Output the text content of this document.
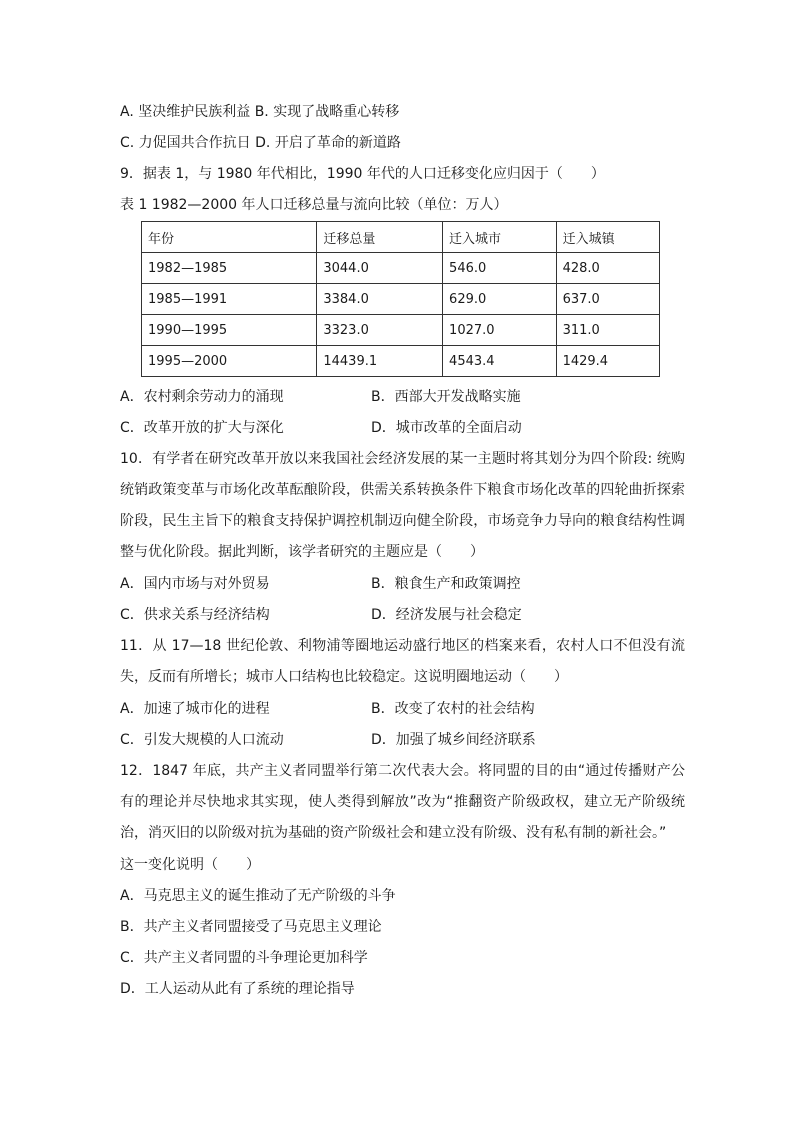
A. 坚决维护民族利益 B. 实现了战略重心转移
C. 力促国共合作抗日 D. 开启了革命的新道路
9．据表 1，与 1980 年代相比，1990 年代的人口迁移变化应归因于（　　）
表 1 1982—2000 年人口迁移总量与流向比较（单位：万人）
年份	迁移总量	迁入城市	迁入城镇
1982—1985	3044.0	546.0	428.0
1985—1991	3384.0	629.0	637.0
1990—1995	3323.0	1027.0	311.0
1995—2000	14439.1	4543.4	1429.4
A．农村剩余劳动力的涌现	B．西部大开发战略实施
C．改革开放的扩大与深化	D．城市改革的全面启动
10．有学者在研究改革开放以来我国社会经济发展的某一主题时将其划分为四个阶段: 统购统销政策变革与市场化改革酝酿阶段，供需关系转换条件下粮食市场化改革的四轮曲折探索阶段，民生主旨下的粮食支持保护调控机制迈向健全阶段，市场竞争力导向的粮食结构性调整与优化阶段。据此判断，该学者研究的主题应是（　　）
A．国内市场与对外贸易	B．粮食生产和政策调控
C．供求关系与经济结构	D．经济发展与社会稳定
11．从 17—18 世纪伦敦、利物浦等圈地运动盛行地区的档案来看，农村人口不但没有流失，反而有所增长；城市人口结构也比较稳定。这说明圈地运动（　　）
A．加速了城市化的进程	B．改变了农村的社会结构
C．引发大规模的人口流动	D．加强了城乡间经济联系
12．1847 年底，共产主义者同盟举行第二次代表大会。将同盟的目的由“通过传播财产公有的理论并尽快地求其实现，使人类得到解放”改为“推翻资产阶级政权，建立无产阶级统治，消灭旧的以阶级对抗为基础的资产阶级社会和建立没有阶级、没有私有制的新社会。”
这一变化说明（　　）
A．马克思主义的诞生推动了无产阶级的斗争
B．共产主义者同盟接受了马克思主义理论
C．共产主义者同盟的斗争理论更加科学
D．工人运动从此有了系统的理论指导
